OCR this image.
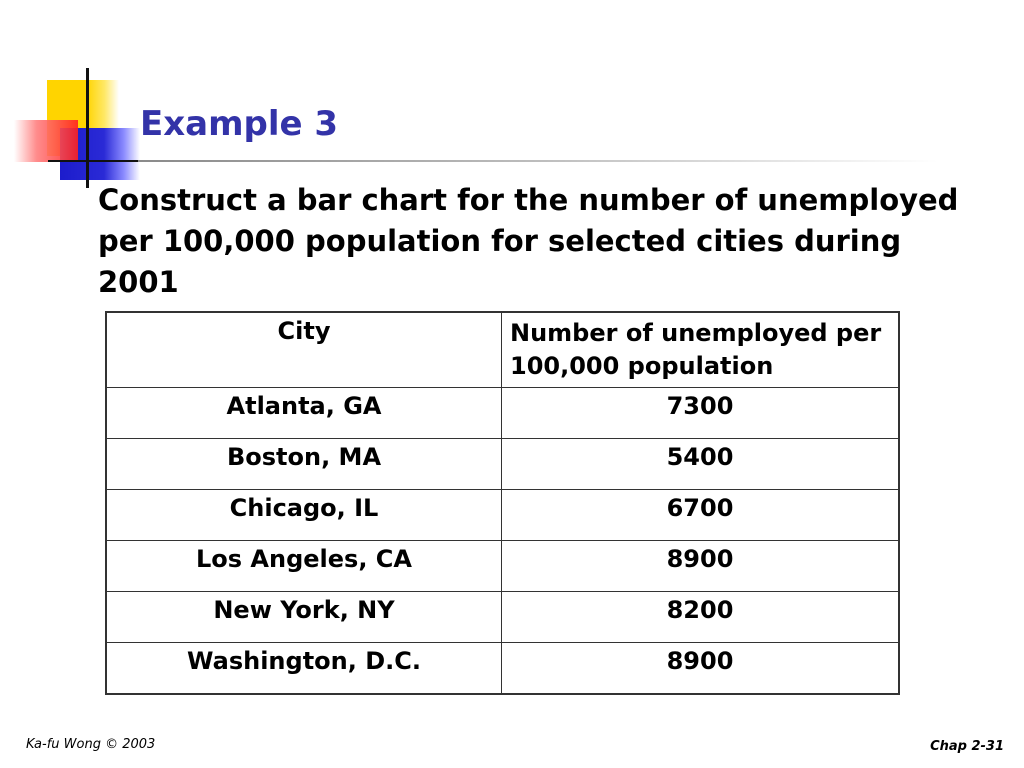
Example 3

Construct a bar chart for the number of unemployed per 100,000 population for selected cities during 2001

City	Number of unemployed per 100,000 population
Atlanta, GA	7300
Boston, MA	5400
Chicago, IL	6700
Los Angeles, CA	8900
New York, NY	8200
Washington, D.C.	8900
Ka-fu Wong © 2003	Chap 2-31
